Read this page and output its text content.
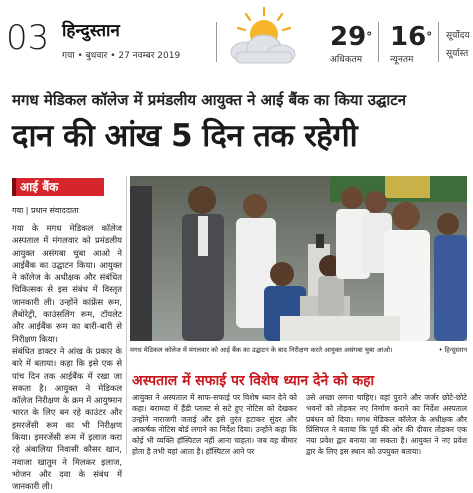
03 हिन्दुस्तान
गया • बुधवार • 27 नवम्बर 2019
29°
अधिकतम
16°
न्यूनतम
सूर्योदय
सूर्यास्त
मगध मेडिकल कॉलेज में प्रमंडलीय आयुक्त ने आई बैंक का किया उद्घाटन
दान की आंख 5 दिन तक रहेगी
आई बैंक
गया | प्रधान संवाददाता

गया के मगध मेडिकल कॉलेज अस्पताल में मंगलवार को प्रमंडलीय आयुक्त असंगबा चुबा आओ ने आईबैंक का उद्घाटन किया। आयुक्त ने कॉलेज के अधीक्षक और संबंधित चिकित्सक से इस संबंध में विस्तृत जानकारी ली। उन्होंने कांफ्रेंस रूम, लैबोरेट्री, काउंसलिंग रूम, टॉयलेट और आईबैंक रूम का बारी-बारी से निरीक्षण किया।

संबंधित डाक्टर ने आंख के प्रकार के बारे में बताया। कहा कि इसे एक से पांच दिन तक आईबैंक में रखा जा सकता है। आयुक्त ने मेडिकल कॉलेज निरीक्षण के क्रम में आयुष्मान भारत के लिए बन रहे काउंटर और इमरजेंसी रूम का भी निरीक्षण किया। इमरजेंसी रूम में इलाज करा रहे अंबालिया निवासी कौसर खान, नवाजा खातुम ने मिलकर इलाज, भोजन और दवा के संबंध में जानकारी ली।

मगध मेडिकल कॉलेज में मंगलवार को आई बैंक का उद्घाटन के बाद निरीक्षण करते आयुक्त असंगबा चुबा आओ।	• हिन्दुस्तान
अस्पताल में सफाई पर विशेष ध्यान देने को कहा
आयुक्त ने अस्पताल में साफ-सफाई पर विशेष ध्यान देने को कहा। बरामदा में हैंडी प्लास्ट से सटे हुए नोटिस को देखकर उन्होंने नाराजगी जताई और इसे तुरंत हटाकर सुंदर और आकर्षक नोटिस बोर्ड लगाने का निर्देश दिया। उन्होंने कहा कि कोई भी व्यक्ति हॉस्पिटल नहीं आना चाहता। जब वह बीमार होता है तभी यहां आता है। हॉस्पिटल आने पर
उसे अच्छा लगना चाहिए। वहां पुराने और जर्जर छोटे-छोटे भवनों को तोड़कर नए निर्माण कराने का निर्देश अस्पताल प्रबंधन को दिया। मगध मेडिकल कॉलेज के अधीक्षक और प्रिंसिपल ने बताया कि पूर्व की ओर की दीवार तोड़कर एक नया प्रवेश द्वार बनाया जा सकता है। आयुक्त ने नए प्रवेश द्वार के लिए इस स्थान को उपयुक्त बताया।
